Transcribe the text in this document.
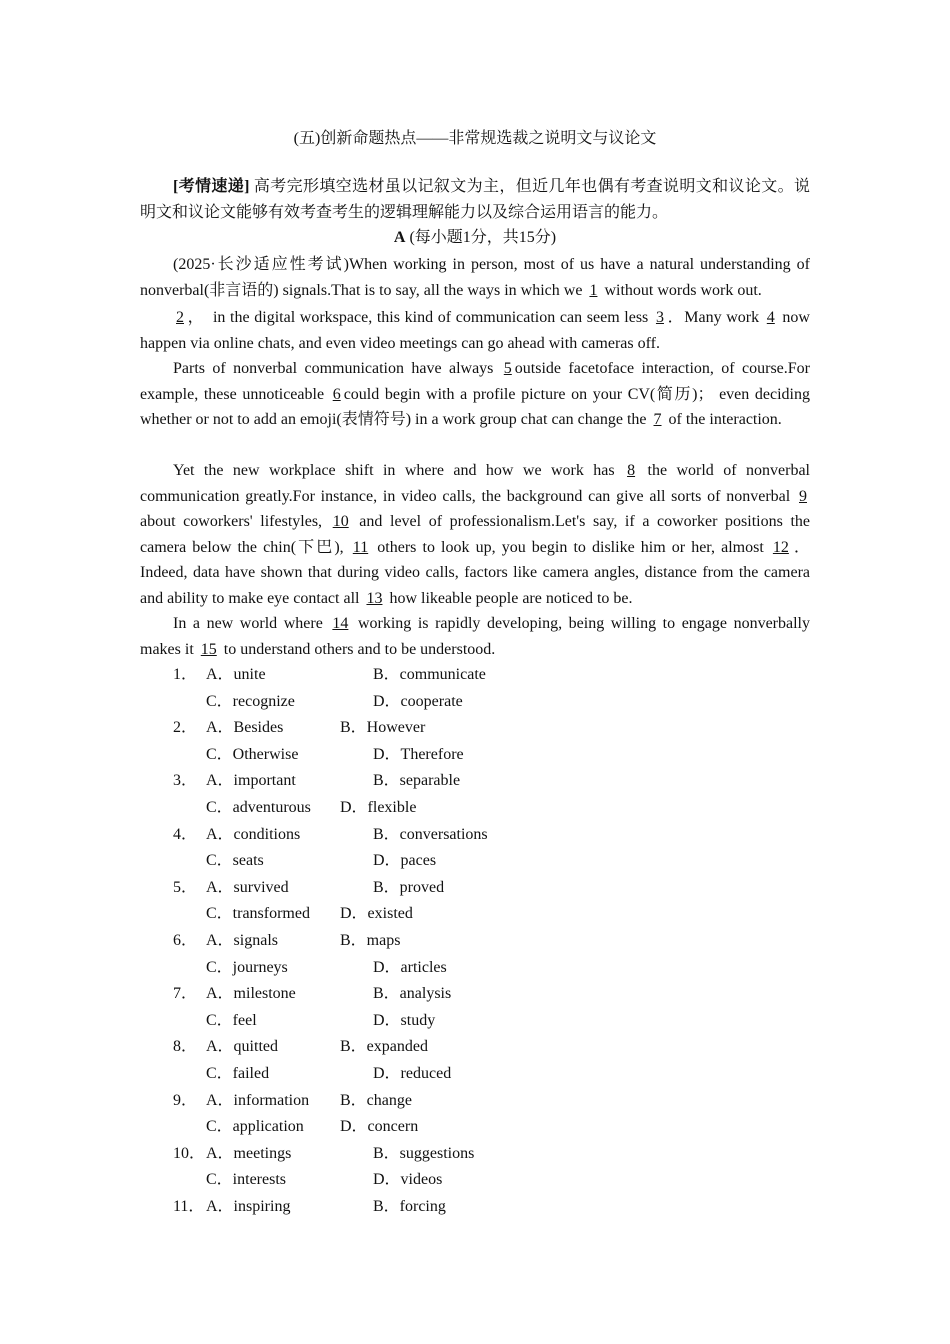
(五)创新命题热点——非常规选裁之说明文与议论文
[考情速递] 高考完形填空选材虽以记叙文为主，但近几年也偶有考查说明文和议论文。说明文和议论文能够有效考查考生的逻辑理解能力以及综合运用语言的能力。
A (每小题1分，共15分)
(2025·长沙适应性考试)When working in person, most of us have a natural understanding of nonverbal(非言语的) signals.That is to say, all the ways in which we 1 without words work out.
2 ，　in the digital workspace, this kind of communication can seem less 3 ．Many work 4 now happen via online chats, and even video meetings can go ahead with cameras off.
Parts of nonverbal communication have always 5 outside facetoface interaction, of course.For example, these unnoticeable 6 could begin with a profile picture on your CV(简历)； even deciding whether or not to add an emoji(表情符号) in a work group chat can change the 7 of the interaction.
Yet the new workplace shift in where and how we work has 8 the world of nonverbal communication greatly.For instance, in video calls, the background can give all sorts of nonverbal 9 about coworkers' lifestyles, 10 and level of professionalism.Let's say, if a coworker positions the camera below the chin(下巴), 11 others to look up, you begin to dislike him or her, almost 12 ．Indeed, data have shown that during video calls, factors like camera angles, distance from the camera and ability to make eye contact all 13 how likeable people are noticed to be.
In a new world where 14 working is rapidly developing, being willing to engage nonverbally makes it 15 to understand others and to be understood.
1． A．unite	B．communicate
C．recognize	D．cooperate
2． A．Besides	B．However
C．Otherwise	D．Therefore
3． A．important	B．separable
C．adventurous D．flexible
4． A．conditions	B．conversations
C．seats	D．paces
5． A．survived	B．proved
C．transformed D．existed
6． A．signals	B．maps
C．journeys	D．articles
7． A．milestone	B．analysis
C．feel	D．study
8． A．quitted	B．expanded
C．failed	D．reduced
9． A．information B．change
C．application D．concern
10． A．meetings	B．suggestions
C．interests	D．videos
11． A．inspiring	B．forcing
